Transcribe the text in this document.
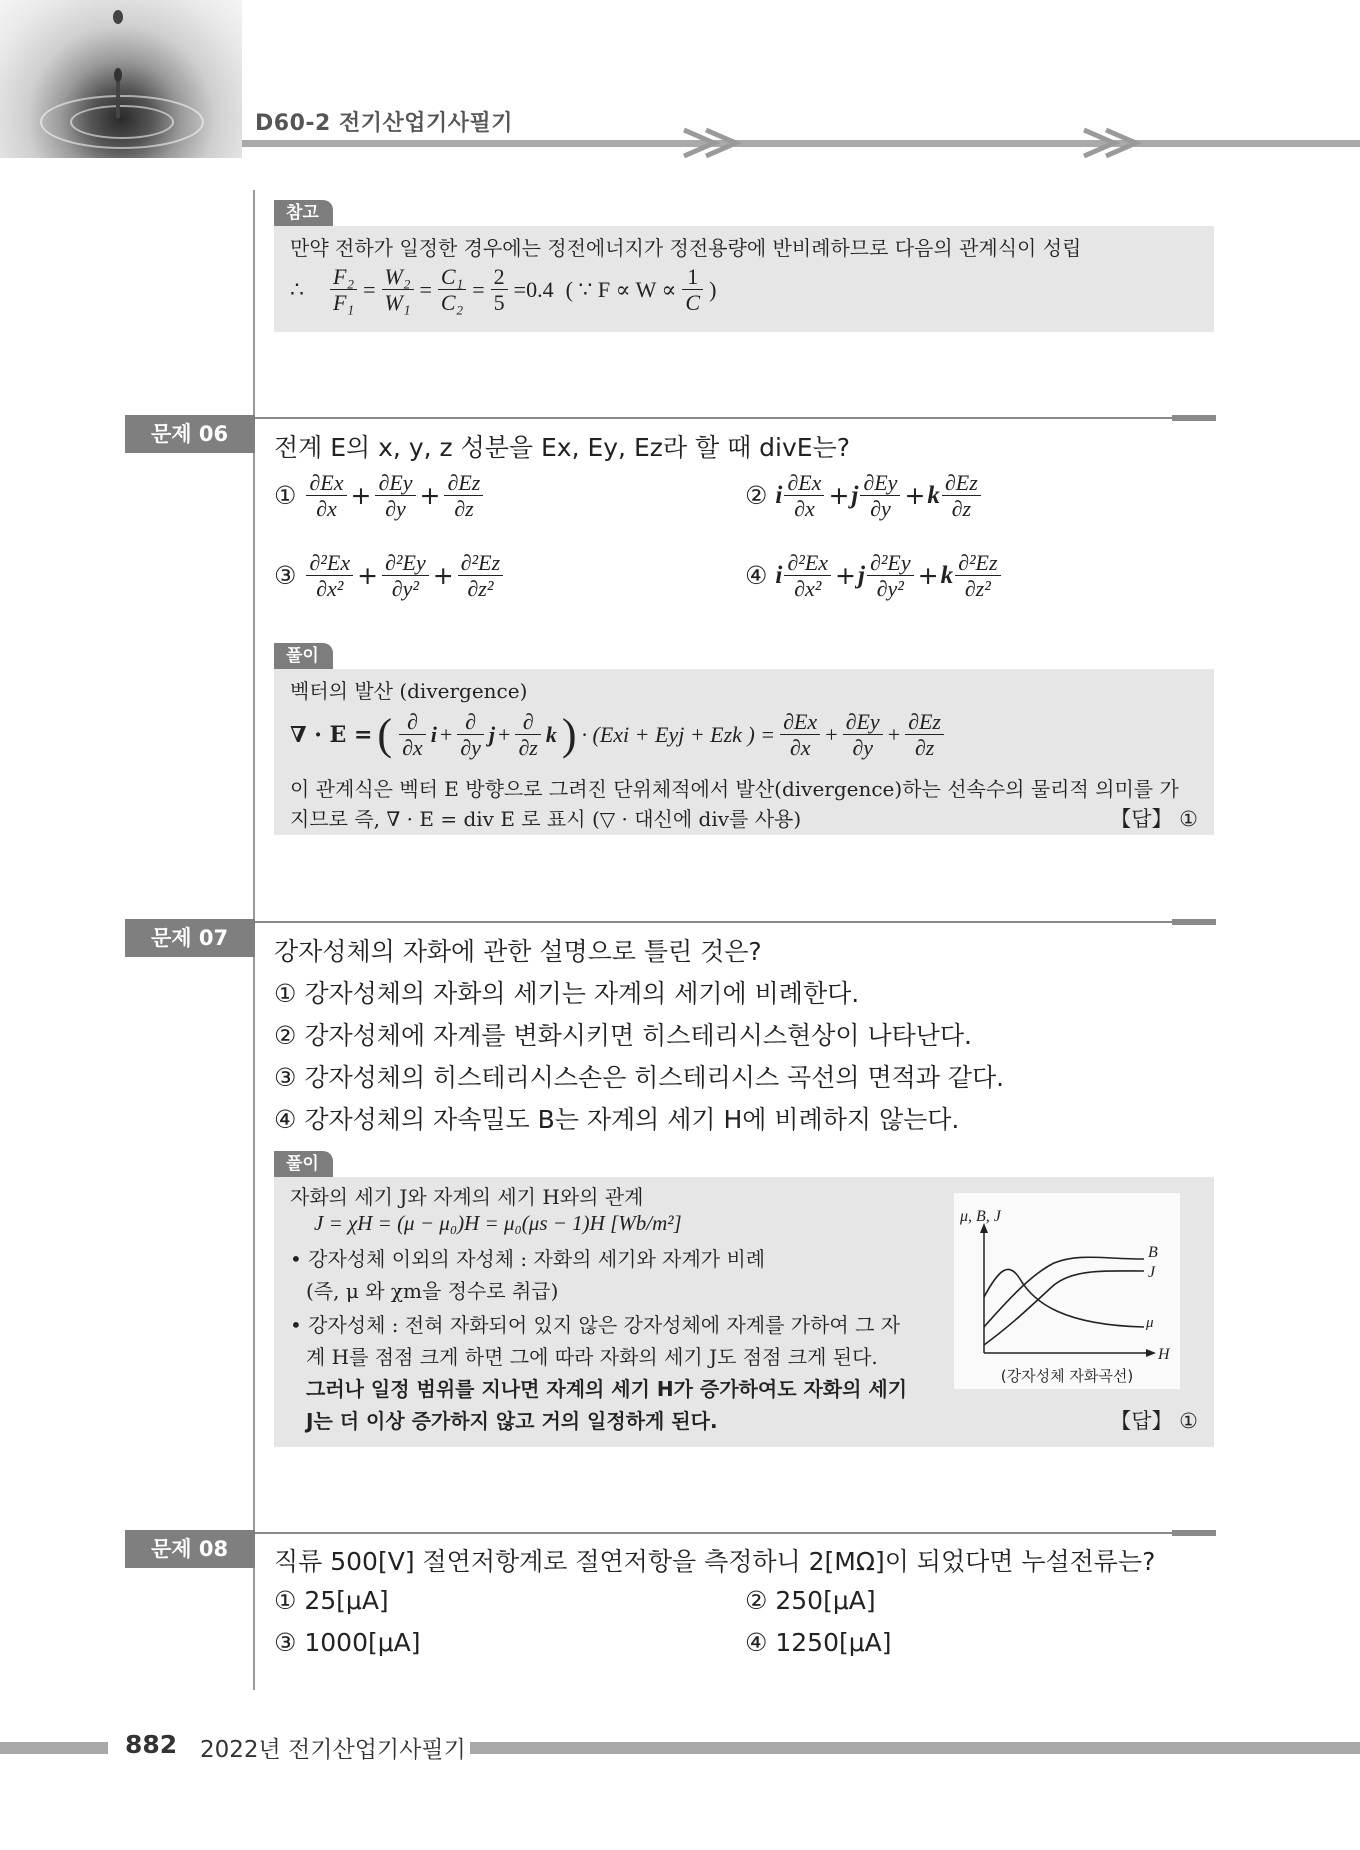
D60-2 전기산업기사필기
참고
만약 전하가 일정한 경우에는 정전에너지가 정전용량에 반비례하므로 다음의 관계식이 성립
∴ $\frac{\text{F₂}}{\text{F₁}} = \frac{\text{W₂}}{\text{W₁}} = \frac{\text{C₁}}{\text{C₂}} = \frac{2}{5} =0.4$ ( ∵ $F \propto W \propto \frac{1}{C}$ )
문제 06	전계 E의 x, y, z 성분을 Ex, Ey, Ez라 할 때 divE는?
① $\frac{\partial Ex}{\partial x} + \frac{\partial Ey}{\partial y} + \frac{\partial Ez}{\partial z}$	② i $\frac{\partial Ex}{\partial x} + j \frac{\partial Ey}{\partial y} + k \frac{\partial Ez}{\partial z}$
③ $\frac{\text{∂²Ex}}{\text{∂x²}} + \frac{\text{∂²Ey}}{\text{∂y²}} + \frac{\text{∂²Ez}}{\text{∂z²}}$	④ i $\frac{\text{∂²Ex}}{\text{∂x²}} + j \frac{\text{∂²Ey}}{\text{∂y²}} + k \frac{\text{∂²Ez}}{\text{∂z²}}$
풀이
벡터의 발산 (divergence)
∇ · E = ( $\frac{\partial}{\partial x}$ $i + \frac{\partial}{\partial y}$ $j + \frac{\partial}{\partial z}$ k ) · (Exi + Eyj + Ezk ) = $\frac{\partial Ex}{\partial x} + \frac{\partial Ey}{\partial y} + \frac{\partial Ez}{\partial z}$
이 관계식은 벡터 E 방향으로 그려진 단위체적에서 발산(divergence)하는 선속수의 물리적 의미를 가
지므로 즉, ∇ · E = div E 로 표시 (▽ · 대신에 div를 사용)	【답】 ①
문제 07	강자성체의 자화에 관한 설명으로 틀린 것은?
① 강자성체의 자화의 세기는 자계의 세기에 비례한다.
② 강자성체에 자계를 변화시키면 히스테리시스현상이 나타난다.
③ 강자성체의 히스테리시스손은 히스테리시스 곡선의 면적과 같다.
④ 강자성체의 자속밀도 B는 자계의 세기 H에 비례하지 않는다.
풀이
자화의 세기 J와 자계의 세기 H와의 관계
J = χH = (μ − μ₀)H = μ₀(μs − 1)H [Wb/m²]
• 강자성체 이외의 자성체 : 자화의 세기와 자계가 비례
(즉, μ 와 χm을 정수로 취급)
• 강자성체 : 전혀 자화되어 있지 않은 강자성체에 자계를 가하여 그 자
계 H를 점점 크게 하면 그에 따라 자화의 세기 J도 점점 크게 된다.
그러나 일정 범위를 지나면 자계의 세기 H가 증가하여도 자화의 세기
J는 더 이상 증가하지 않고 거의 일정하게 된다.	【답】 ①
μ, B, J
H
B
J
μ
(강자성체 자화곡선)
문제 08	직류 500[V] 절연저항계로 절연저항을 측정하니 2[MΩ]이 되었다면 누설전류는?
① 25[μA]	② 250[μA]
③ 1000[μA]	④ 1250[μA]
882 2022년 전기산업기사필기
